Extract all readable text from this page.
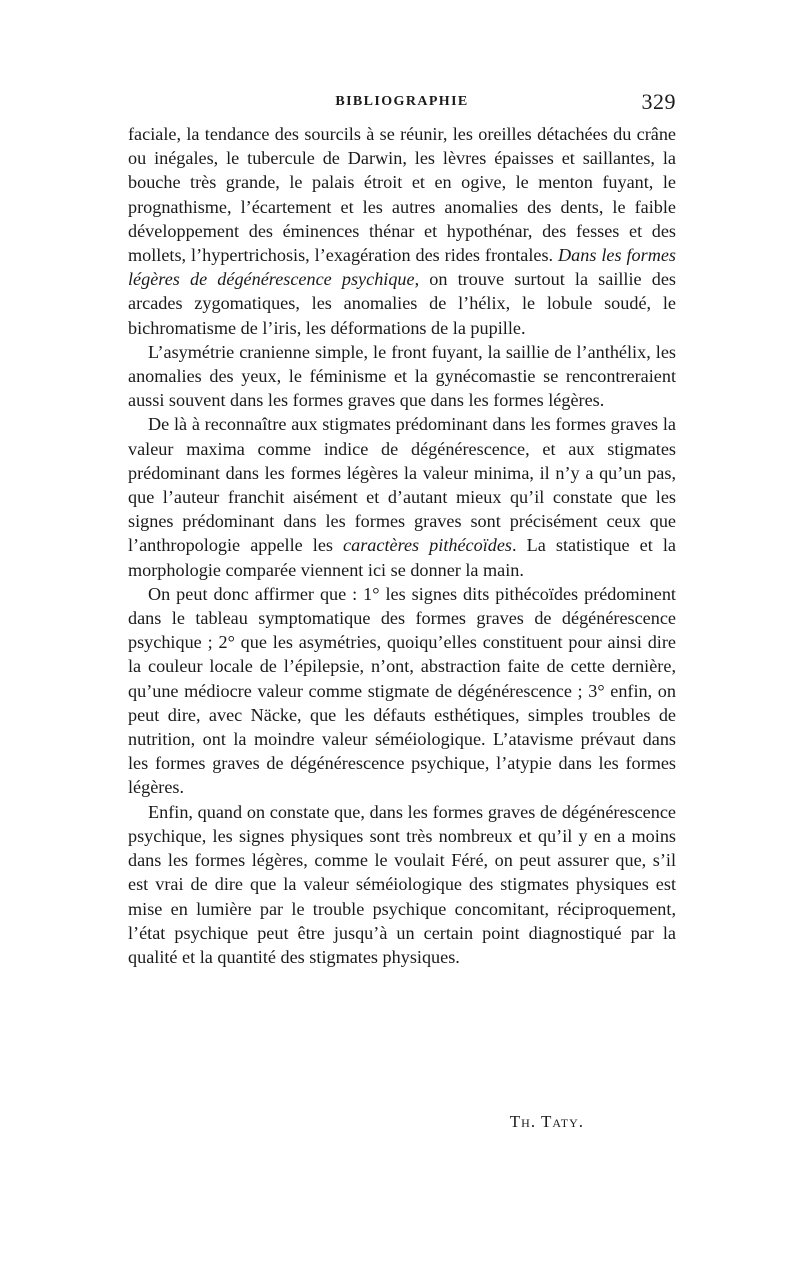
BIBLIOGRAPHIE	329

faciale, la tendance des sourcils à se réunir, les oreilles détachées du crâne ou inégales, le tubercule de Darwin, les lèvres épaisses et saillantes, la bouche très grande, le palais étroit et en ogive, le menton fuyant, le prognathisme, l’écartement et les autres anomalies des dents, le faible développement des éminences thénar et hypothénar, des fesses et des mollets, l’hypertrichosis, l’exagération des rides frontales. Dans les formes légères de dégénérescence psychique, on trouve surtout la saillie des arcades zygomatiques, les anomalies de l’hélix, le lobule soudé, le bichromatisme de l’iris, les déformations de la pupille.

L’asymétrie cranienne simple, le front fuyant, la saillie de l’anthélix, les anomalies des yeux, le féminisme et la gynécomastie se rencontreraient aussi souvent dans les formes graves que dans les formes légères.

De là à reconnaître aux stigmates prédominant dans les formes graves la valeur maxima comme indice de dégénérescence, et aux stigmates prédominant dans les formes légères la valeur minima, il n’y a qu’un pas, que l’auteur franchit aisément et d’autant mieux qu’il constate que les signes prédominant dans les formes graves sont précisément ceux que l’anthropologie appelle les caractères pithécoïdes. La statistique et la morphologie comparée viennent ici se donner la main.

On peut donc affirmer que : 1° les signes dits pithécoïdes prédominent dans le tableau symptomatique des formes graves de dégénérescence psychique ; 2° que les asymétries, quoiqu’elles constituent pour ainsi dire la couleur locale de l’épilepsie, n’ont, abstraction faite de cette dernière, qu’une médiocre valeur comme stigmate de dégénérescence ; 3° enfin, on peut dire, avec Näcke, que les défauts esthétiques, simples troubles de nutrition, ont la moindre valeur séméiologique. L’atavisme prévaut dans les formes graves de dégénérescence psychique, l’atypie dans les formes légères.

Enfin, quand on constate que, dans les formes graves de dégénérescence psychique, les signes physiques sont très nombreux et qu’il y en a moins dans les formes légères, comme le voulait Féré, on peut assurer que, s’il est vrai de dire que la valeur séméiologique des stigmates physiques est mise en lumière par le trouble psychique concomitant, réciproquement, l’état psychique peut être jusqu’à un certain point diagnostiqué par la qualité et la quantité des stigmates physiques.

Th. Taty.
